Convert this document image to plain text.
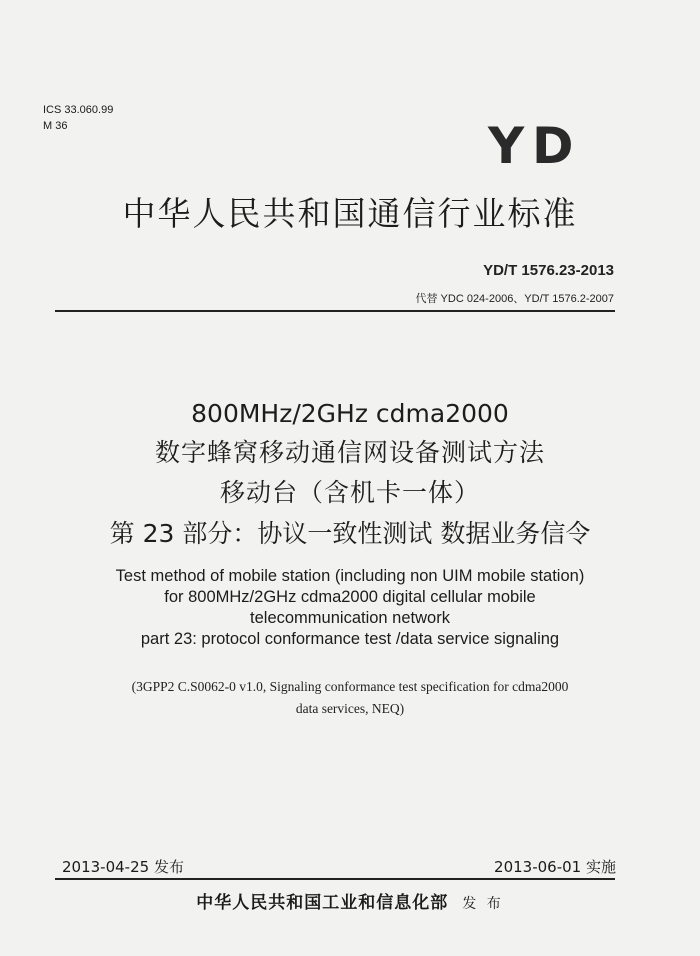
ICS 33.060.99
M 36	Y D
中华人民共和国通信行业标准
YD/T 1576.23-2013
代替 YDC 024-2006、YD/T 1576.2-2007
800MHz/2GHz cdma2000
数字蜂窝移动通信网设备测试方法
移动台（含机卡一体）
第 23 部分：协议一致性测试 数据业务信令
Test method of mobile station (including non UIM mobile station)
for 800MHz/2GHz cdma2000 digital cellular mobile
telecommunication network
part 23: protocol conformance test /data service signaling
(3GPP2 C.S0062-0 v1.0, Signaling conformance test specification for cdma2000
data services, NEQ)
2013-04-25 发布	2013-06-01 实施
中华人民共和国工业和信息化部 发 布
